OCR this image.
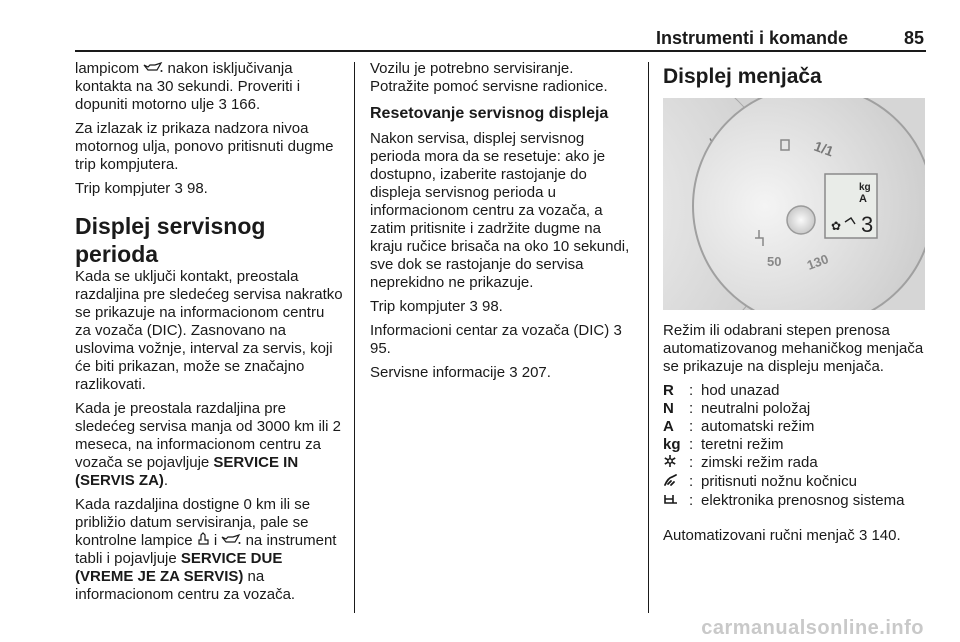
Instrumenti i komande	85

lampicom nakon isključivanja kontakta na 30 sekundi. Proveriti i dopuniti motorno ulje 3 166.

Za izlazak iz prikaza nadzora nivoa motornog ulja, ponovo pritisnuti dugme trip kompjutera.

Trip kompjuter 3 98.

Displej servisnog perioda

Kada se uključi kontakt, preostala razdaljina pre sledećeg servisa nakratko se prikazuje na informacionom centru za vozača (DIC). Zasnovano na uslovima vožnje, interval za servis, koji će biti prikazan, može se značajno razlikovati.

Kada je preostala razdaljina pre sledećeg servisa manja od 3000 km ili 2 meseca, na informacionom centru za vozača se pojavljuje SERVICE IN (SERVIS ZA).

Kada razdaljina dostigne 0 km ili se približio datum servisiranja, pale se kontrolne lampice i na instrument tabli i pojavljuje SERVICE DUE (VREME JE ZA SERVIS) na informacionom centru za vozača.

Vozilu je potrebno servisiranje. Potražite pomoć servisne radionice.

Resetovanje servisnog displeja

Nakon servisa, displej servisnog perioda mora da se resetuje: ako je dostupno, izaberite rastojanje do displeja servisnog perioda u informacionom centru za vozača, a zatim pritisnite i zadržite dugme na kraju ručice brisača na oko 10 sekundi, sve dok se rastojanje do servisa neprekidno ne prikazuje.

Trip kompjuter 3 98.

Informacioni centar za vozača (DIC) 3 95.

Servisne informacije 3 207.

Displej menjača
1/1
50 130
kg
A
3
✿

Režim ili odabrani stepen prenosa automatizovanog mehaničkog menjača se prikazuje na displeju menjača.

R	:	hod unazad
N	:	neutralni položaj
A	:	automatski režim
kg	:	teretni režim
	:	zimski režim rada
	:	pritisnuti nožnu kočnicu
	:	elektronika prenosnog sistema

Automatizovani ručni menjač 3 140.

carmanualsonline.info
